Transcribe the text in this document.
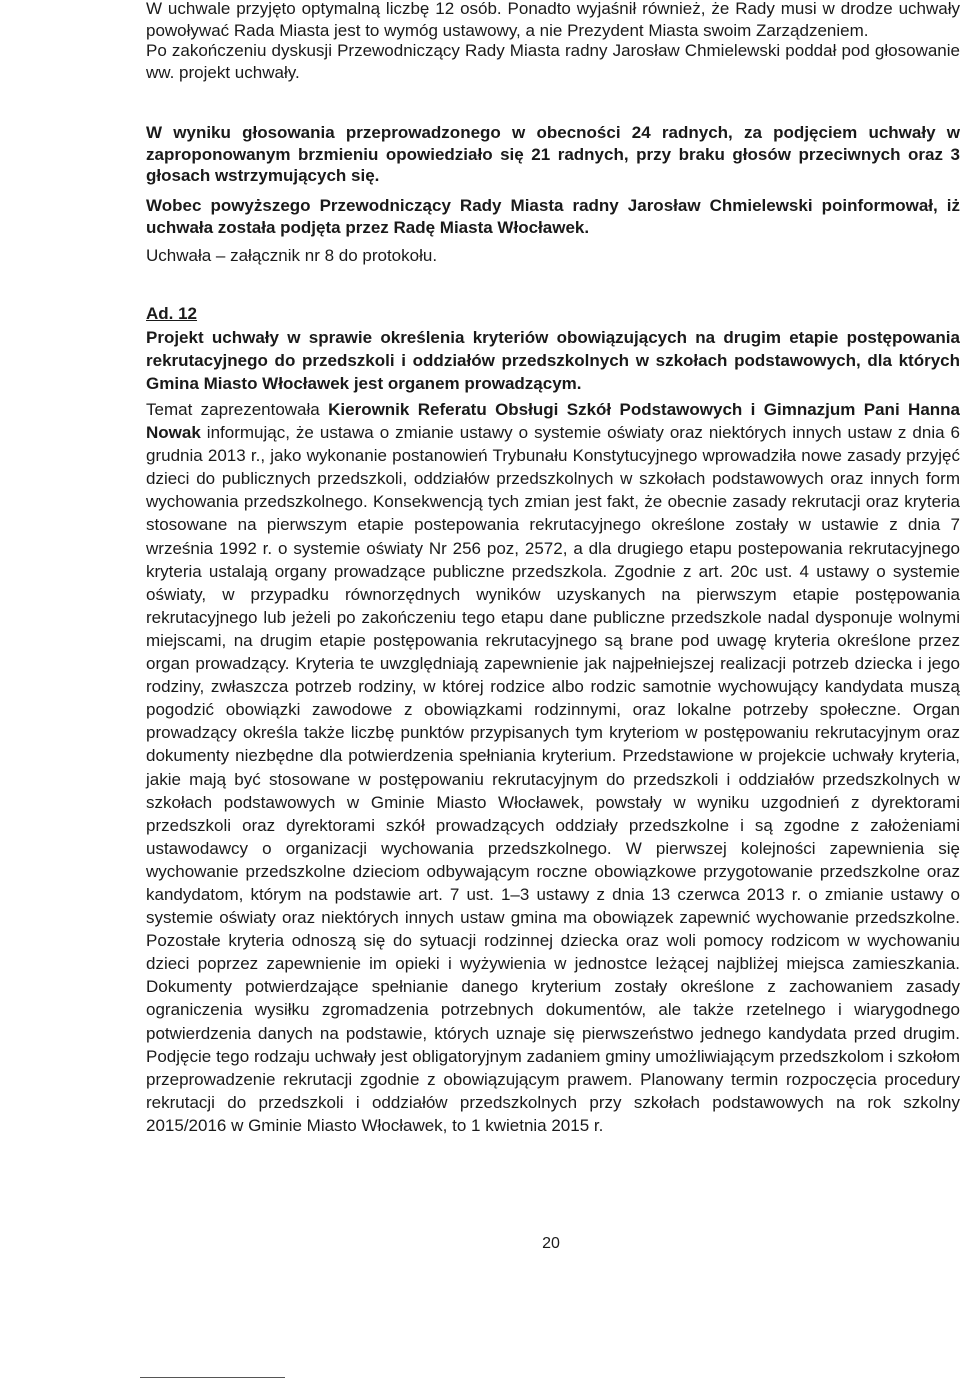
W uchwale przyjęto optymalną liczbę 12 osób. Ponadto wyjaśnił również, że Rady musi w drodze uchwały powoływać Rada Miasta jest to wymóg ustawowy, a nie Prezydent Miasta swoim Zarządzeniem.

Po zakończeniu dyskusji Przewodniczący Rady Miasta radny Jarosław Chmielewski poddał pod głosowanie ww. projekt uchwały.

W wyniku głosowania przeprowadzonego w obecności 24 radnych, za podjęciem uchwały w zaproponowanym brzmieniu opowiedziało się 21 radnych, przy braku głosów przeciwnych oraz 3 głosach wstrzymujących się.

Wobec powyższego Przewodniczący Rady Miasta radny Jarosław Chmielewski poinformował, iż uchwała została podjęta przez Radę Miasta Włocławek.

Uchwała – załącznik nr 8 do protokołu.

Ad. 12

Projekt uchwały w sprawie określenia kryteriów obowiązujących na drugim etapie postępowania rekrutacyjnego do przedszkoli i oddziałów przedszkolnych w szkołach podstawowych, dla których Gmina Miasto Włocławek jest organem prowadzącym.

Temat zaprezentowała Kierownik Referatu Obsługi Szkół Podstawowych i Gimnazjum Pani Hanna Nowak informując, że ustawa o zmianie ustawy o systemie oświaty oraz niektórych innych ustaw z dnia 6 grudnia 2013 r., jako wykonanie postanowień Trybunału Konstytucyjnego wprowadziła nowe zasady przyjęć dzieci do publicznych przedszkoli, oddziałów przedszkolnych w szkołach podstawowych oraz innych form wychowania przedszkolnego. Konsekwencją tych zmian jest fakt, że obecnie zasady rekrutacji oraz kryteria stosowane na pierwszym etapie postepowania rekrutacyjnego określone zostały w ustawie z dnia 7 września 1992 r. o systemie oświaty Nr 256 poz, 2572, a dla drugiego etapu postepowania rekrutacyjnego kryteria ustalają organy prowadzące publiczne przedszkola. Zgodnie z art. 20c ust. 4 ustawy o systemie oświaty, w przypadku równorzędnych wyników uzyskanych na pierwszym etapie postępowania rekrutacyjnego lub jeżeli po zakończeniu tego etapu dane publiczne przedszkole nadal dysponuje wolnymi miejscami, na drugim etapie postępowania rekrutacyjnego są brane pod uwagę kryteria określone przez organ prowadzący. Kryteria te uwzględniają zapewnienie jak najpełniejszej realizacji potrzeb dziecka i jego rodziny, zwłaszcza potrzeb rodziny, w której rodzice albo rodzic samotnie wychowujący kandydata muszą pogodzić obowiązki zawodowe z obowiązkami rodzinnymi, oraz lokalne potrzeby społeczne. Organ prowadzący określa także liczbę punktów przypisanych tym kryteriom w postępowaniu rekrutacyjnym oraz dokumenty niezbędne dla potwierdzenia spełniania kryterium. Przedstawione w projekcie uchwały kryteria, jakie mają być stosowane w postępowaniu rekrutacyjnym do przedszkoli i oddziałów przedszkolnych w szkołach podstawowych w Gminie Miasto Włocławek, powstały w wyniku uzgodnień z dyrektorami przedszkoli oraz dyrektorami szkół prowadzących oddziały przedszkolne i są zgodne z założeniami ustawodawcy o organizacji wychowania przedszkolnego. W pierwszej kolejności zapewnienia się wychowanie przedszkolne dzieciom odbywającym roczne obowiązkowe przygotowanie przedszkolne oraz kandydatom, którym na podstawie art. 7 ust. 1–3 ustawy z dnia 13 czerwca 2013 r. o zmianie ustawy o systemie oświaty oraz niektórych innych ustaw gmina ma obowiązek zapewnić wychowanie przedszkolne. Pozostałe kryteria odnoszą się do sytuacji rodzinnej dziecka oraz woli pomocy rodzicom w wychowaniu dzieci poprzez zapewnienie im opieki i wyżywienia w jednostce leżącej najbliżej miejsca zamieszkania. Dokumenty potwierdzające spełnianie danego kryterium zostały określone z zachowaniem zasady ograniczenia wysiłku zgromadzenia potrzebnych dokumentów, ale także rzetelnego i wiarygodnego potwierdzenia danych na podstawie, których uznaje się pierwszeństwo jednego kandydata przed drugim. Podjęcie tego rodzaju uchwały jest obligatoryjnym zadaniem gminy umożliwiającym przedszkolom i szkołom przeprowadzenie rekrutacji zgodnie z obowiązującym prawem. Planowany termin rozpoczęcia procedury rekrutacji do przedszkoli i oddziałów przedszkolnych przy szkołach podstawowych na rok szkolny 2015/2016 w Gminie Miasto Włocławek, to 1 kwietnia 2015 r.

20
